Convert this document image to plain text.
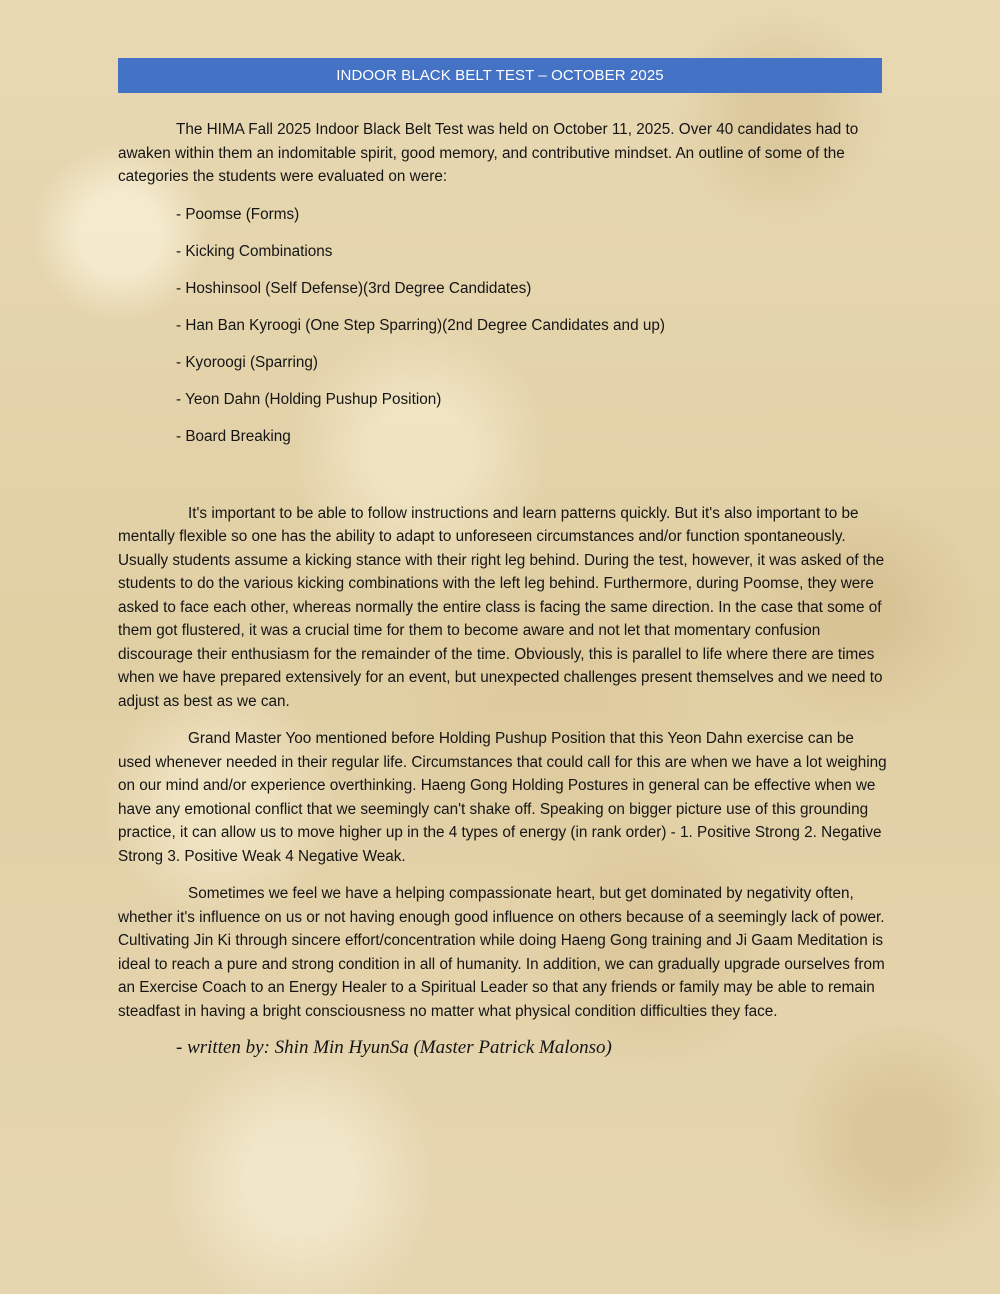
INDOOR BLACK BELT TEST – OCTOBER 2025

The HIMA Fall 2025 Indoor Black Belt Test was held on October 11, 2025. Over 40 candidates had to awaken within them an indomitable spirit, good memory, and contributive mindset. An outline of some of the categories the students were evaluated on were:

- Poomse (Forms)
- Kicking Combinations
- Hoshinsool (Self Defense)(3rd Degree Candidates)
- Han Ban Kyroogi (One Step Sparring)(2nd Degree Candidates and up)
- Kyoroogi (Sparring)
- Yeon Dahn (Holding Pushup Position)
- Board Breaking

It's important to be able to follow instructions and learn patterns quickly. But it's also important to be mentally flexible so one has the ability to adapt to unforeseen circumstances and/or function spontaneously. Usually students assume a kicking stance with their right leg behind. During the test, however, it was asked of the students to do the various kicking combinations with the left leg behind. Furthermore, during Poomse, they were asked to face each other, whereas normally the entire class is facing the same direction. In the case that some of them got flustered, it was a crucial time for them to become aware and not let that momentary confusion discourage their enthusiasm for the remainder of the time. Obviously, this is parallel to life where there are times when we have prepared extensively for an event, but unexpected challenges present themselves and we need to adjust as best as we can.

Grand Master Yoo mentioned before Holding Pushup Position that this Yeon Dahn exercise can be used whenever needed in their regular life. Circumstances that could call for this are when we have a lot weighing on our mind and/or experience overthinking. Haeng Gong Holding Postures in general can be effective when we have any emotional conflict that we seemingly can't shake off. Speaking on bigger picture use of this grounding practice, it can allow us to move higher up in the 4 types of energy (in rank order) - 1. Positive Strong 2. Negative Strong 3. Positive Weak 4 Negative Weak.

Sometimes we feel we have a helping compassionate heart, but get dominated by negativity often, whether it's influence on us or not having enough good influence on others because of a seemingly lack of power. Cultivating Jin Ki through sincere effort/concentration while doing Haeng Gong training and Ji Gaam Meditation is ideal to reach a pure and strong condition in all of humanity. In addition, we can gradually upgrade ourselves from an Exercise Coach to an Energy Healer to a Spiritual Leader so that any friends or family may be able to remain steadfast in having a bright consciousness no matter what physical condition difficulties they face.

- written by: Shin Min HyunSa (Master Patrick Malonso)
